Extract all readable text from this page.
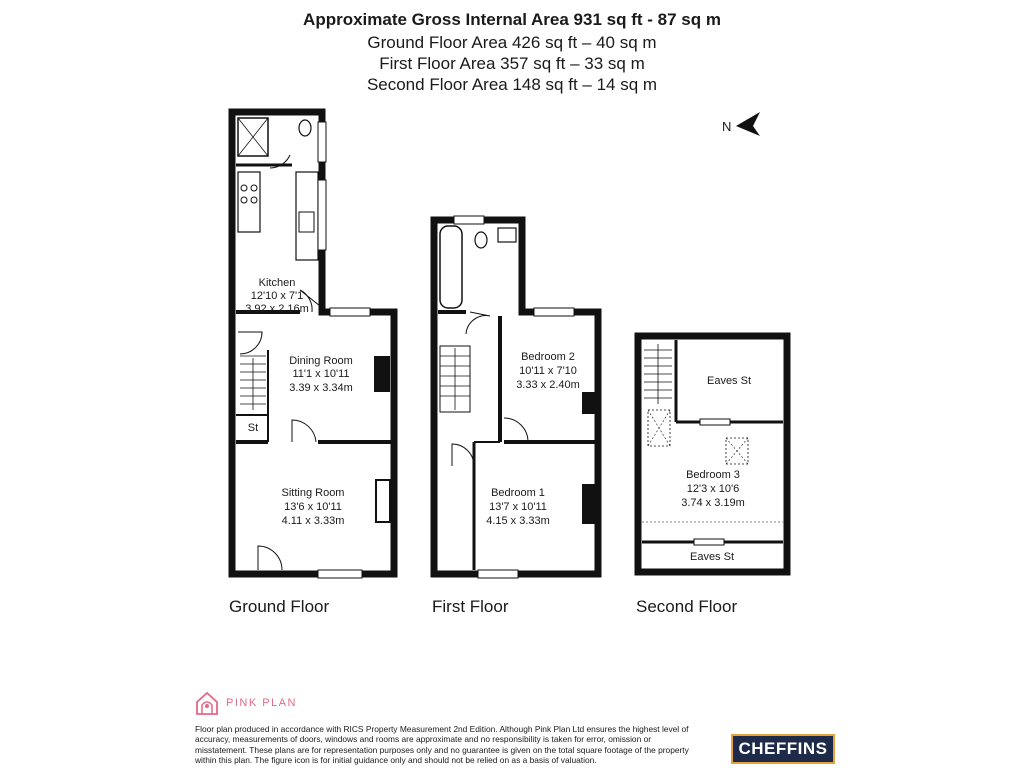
Approximate Gross Internal Area 931 sq ft - 87 sq m
Ground Floor Area 426 sq ft – 40 sq m
First Floor Area 357 sq ft – 33 sq m
Second Floor Area 148 sq ft – 14 sq m
N
Kitchen
12'10 x 7'1
3.92 x 2.16m
Dining Room
11'1 x 10'11
3.39 x 3.34m
St
Sitting Room
13'6 x 10'11
4.11 x 3.33m
Bedroom 2
10'11 x 7'10
3.33 x 2.40m
Bedroom 1
13'7 x 10'11
4.15 x 3.33m
Eaves St
Bedroom 3
12'3 x 10'6
3.74 x 3.19m
Eaves St
Ground Floor	First Floor	Second Floor
PINK PLAN
Floor plan produced in accordance with RICS Property Measurement 2nd Edition. Although Pink Plan Ltd ensures the highest level of accuracy, measurements of doors, windows and rooms are approximate and no responsibility is taken for error, omission or misstatement. These plans are for representation purposes only and no guarantee is given on the total square footage of the property within this plan. The figure icon is for initial guidance only and should not be relied on as a basis of valuation.
CHEFFINS
